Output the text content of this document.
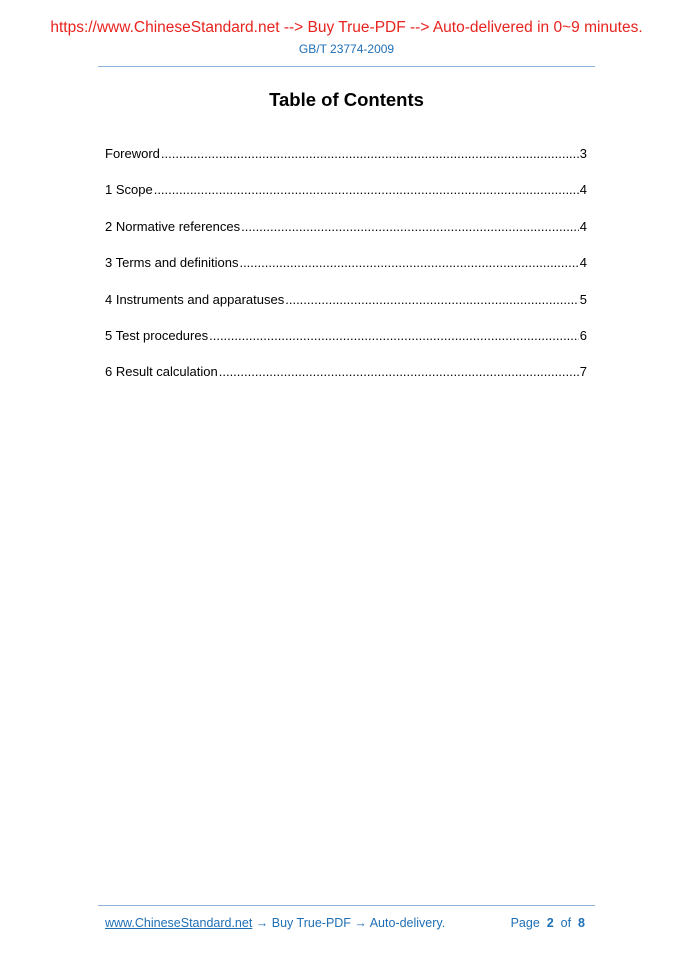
https://www.ChineseStandard.net --> Buy True-PDF --> Auto-delivered in 0~9 minutes.
GB/T 23774-2009
Table of Contents
Foreword .....	3
1 Scope .....	4
2 Normative references .....	4
3 Terms and definitions .....	4
4 Instruments and apparatuses .....	5
5 Test procedures .....	6
6 Result calculation .....	7
www.ChineseStandard.net → Buy True-PDF → Auto-delivery.	Page 2 of 8
